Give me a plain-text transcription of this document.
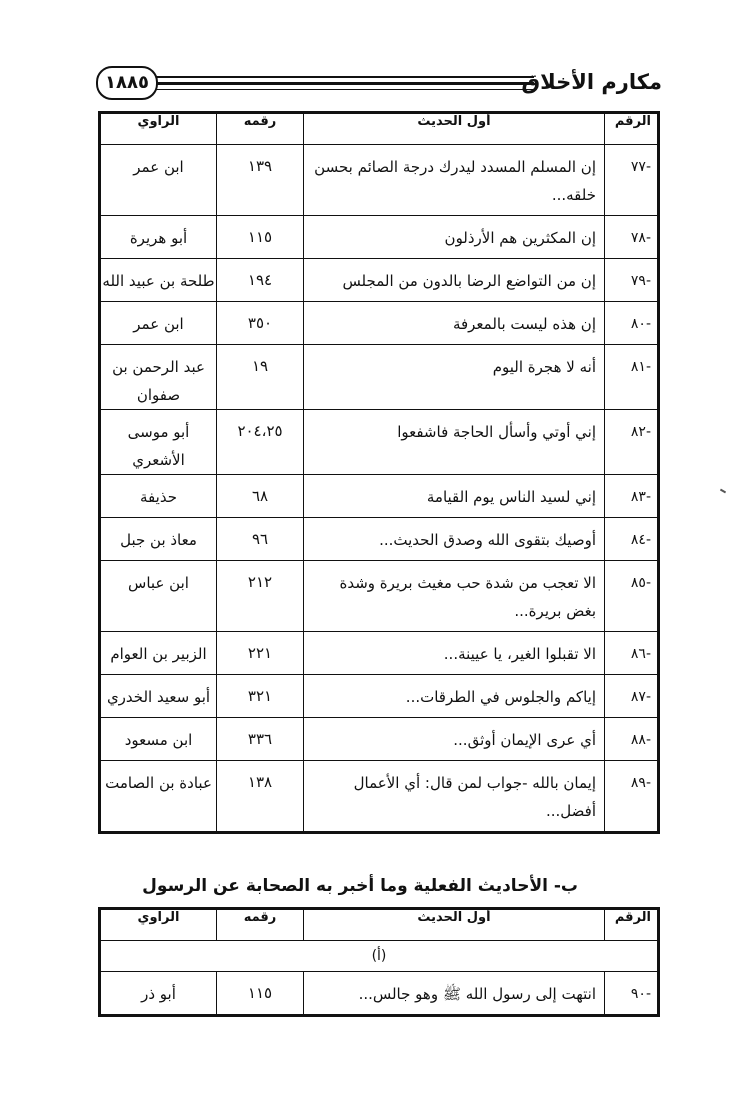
مكارم الأخلاق
١٨٨٥
الرقم	أول الحديث	رقمه	الراوي
-٧٧	إن المسلم المسدد ليدرك درجة الصائم بحسن خلقه...	١٣٩	ابن عمر
-٧٨	إن المكثرين هم الأرذلون	١١٥	أبو هريرة
-٧٩	إن من التواضع الرضا بالدون من المجلس	١٩٤	طلحة بن عبيد الله
-٨٠	إن هذه ليست بالمعرفة	٣٥٠	ابن عمر
-٨١	أنه لا هجرة اليوم	١٩	عبد الرحمن بن صفوان
-٨٢	إني أوتي وأسأل الحاجة فاشفعوا	٢٠٤،٢٥	أبو موسى الأشعري
-٨٣	إني لسيد الناس يوم القيامة	٦٨	حذيفة
-٨٤	أوصيك بتقوى الله وصدق الحديث...	٩٦	معاذ بن جبل
-٨٥	الا تعجب من شدة حب مغيث بريرة وشدة بغض بريرة...	٢١٢	ابن عباس
-٨٦	الا تقبلوا الغير، يا عيينة...	٢٢١	الزبير بن العوام
-٨٧	إياكم والجلوس في الطرقات...	٣٢١	أبو سعيد الخدري
-٨٨	أي عرى الإيمان أوثق...	٣٣٦	ابن مسعود
-٨٩	إيمان بالله -جواب لمن قال: أي الأعمال أفضل...	١٣٨	عبادة بن الصامت
ب- الأحاديث الفعلية وما أخبر به الصحابة عن الرسول
الرقم	أول الحديث	رقمه	الراوي
(أ)			
-٩٠	انتهت إلى رسول الله ﷺ وهو جالس...	١١٥	أبو ذر
